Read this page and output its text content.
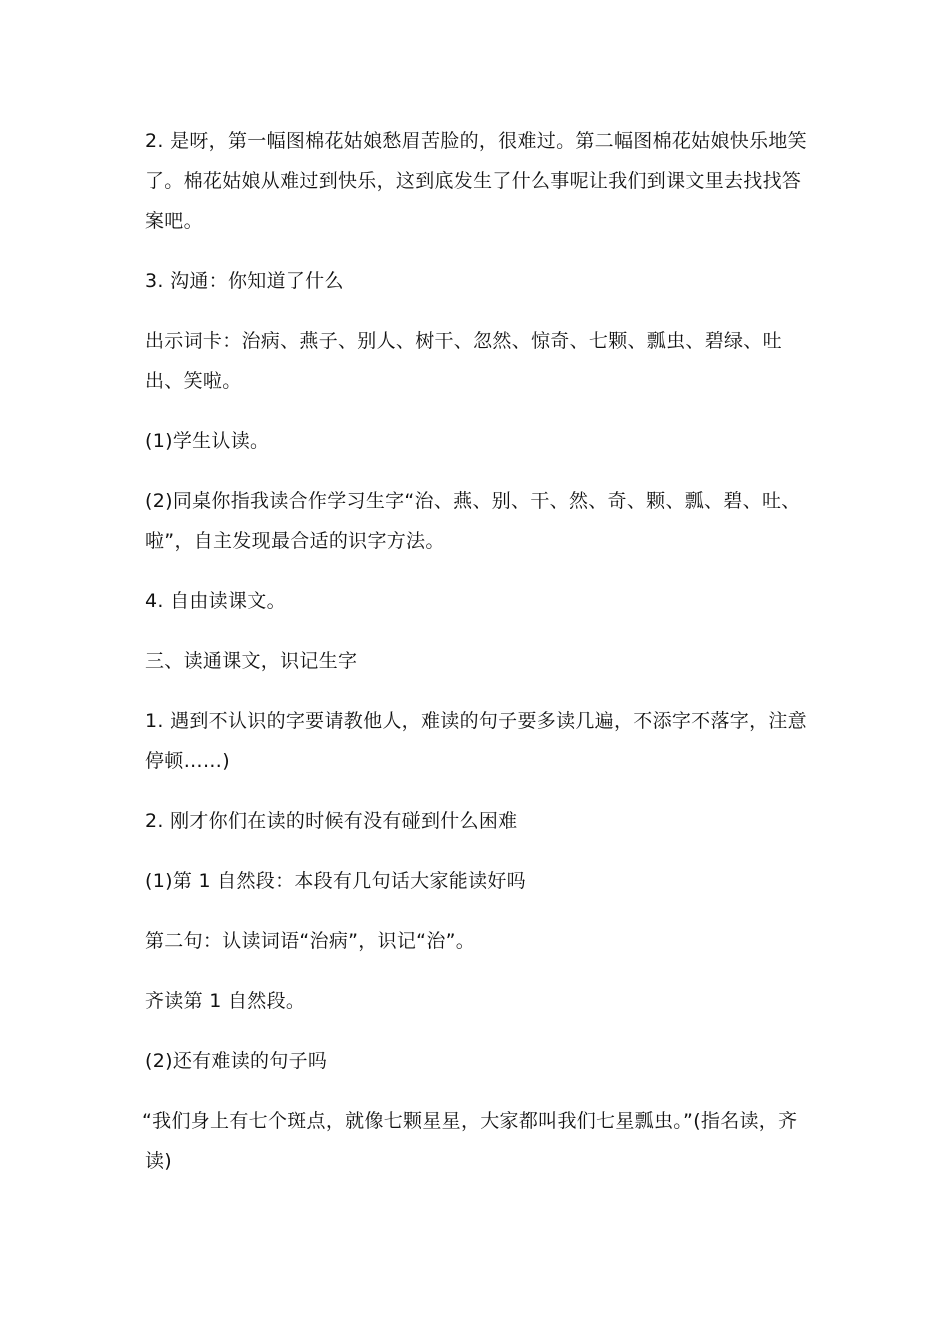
2. 是呀，第一幅图棉花姑娘愁眉苦脸的，很难过。第二幅图棉花姑娘快乐地笑了。棉花姑娘从难过到快乐，这到底发生了什么事呢让我们到课文里去找找答案吧。

3. 沟通：你知道了什么

出示词卡：治病、燕子、别人、树干、忽然、惊奇、七颗、瓢虫、碧绿、吐出、笑啦。

(1)学生认读。

(2)同桌你指我读合作学习生字“治、燕、别、干、然、奇、颗、瓢、碧、吐、啦”，自主发现最合适的识字方法。

4. 自由读课文。

三、读通课文，识记生字

1. 遇到不认识的字要请教他人，难读的句子要多读几遍，不添字不落字，注意停顿……)

2. 刚才你们在读的时候有没有碰到什么困难

(1)第 1 自然段：本段有几句话大家能读好吗

第二句：认读词语“治病”，识记“治”。

齐读第 1 自然段。

(2)还有难读的句子吗

“我们身上有七个斑点，就像七颗星星，大家都叫我们七星瓢虫。”(指名读，齐读)
